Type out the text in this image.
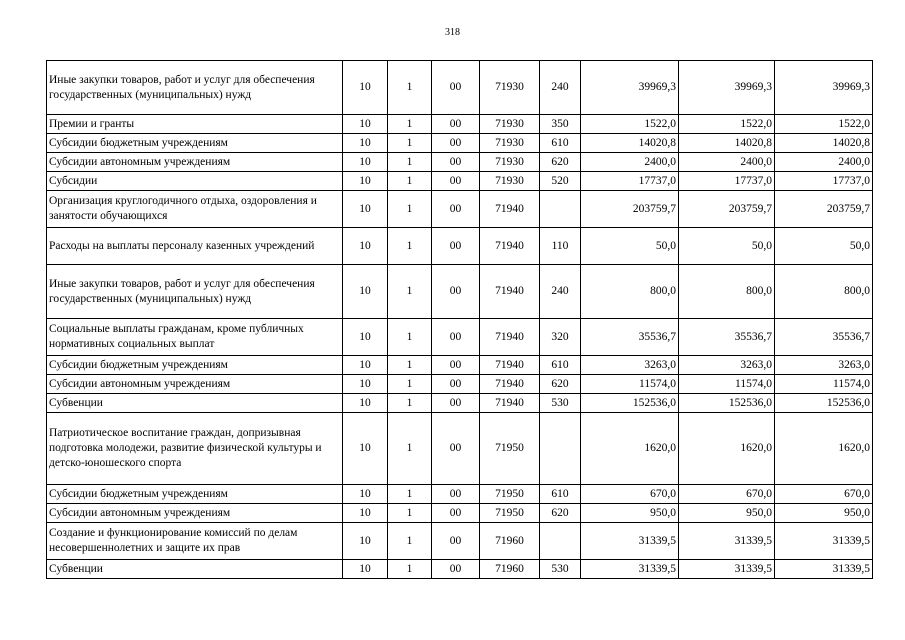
318
Иные закупки товаров, работ и услуг для обеспечения государственных (муниципальных) нужд	10	1	00	71930	240	39969,3	39969,3	39969,3
Премии и гранты	10	1	00	71930	350	1522,0	1522,0	1522,0
Субсидии бюджетным учреждениям	10	1	00	71930	610	14020,8	14020,8	14020,8
Субсидии автономным учреждениям	10	1	00	71930	620	2400,0	2400,0	2400,0
Субсидии	10	1	00	71930	520	17737,0	17737,0	17737,0
Организация круглогодичного отдыха, оздоровления и занятости обучающихся	10	1	00	71940		203759,7	203759,7	203759,7
Расходы на выплаты персоналу казенных учреждений	10	1	00	71940	110	50,0	50,0	50,0
Иные закупки товаров, работ и услуг для обеспечения государственных (муниципальных) нужд	10	1	00	71940	240	800,0	800,0	800,0
Социальные выплаты гражданам, кроме публичных нормативных социальных выплат	10	1	00	71940	320	35536,7	35536,7	35536,7
Субсидии бюджетным учреждениям	10	1	00	71940	610	3263,0	3263,0	3263,0
Субсидии автономным учреждениям	10	1	00	71940	620	11574,0	11574,0	11574,0
Субвенции	10	1	00	71940	530	152536,0	152536,0	152536,0
Патриотическое воспитание граждан, допризывная подготовка молодежи, развитие физической культуры и детско-юношеского спорта	10	1	00	71950		1620,0	1620,0	1620,0
Субсидии бюджетным учреждениям	10	1	00	71950	610	670,0	670,0	670,0
Субсидии автономным учреждениям	10	1	00	71950	620	950,0	950,0	950,0
Создание и функционирование комиссий по делам несовершеннолетних и защите их прав	10	1	00	71960		31339,5	31339,5	31339,5
Субвенции	10	1	00	71960	530	31339,5	31339,5	31339,5
